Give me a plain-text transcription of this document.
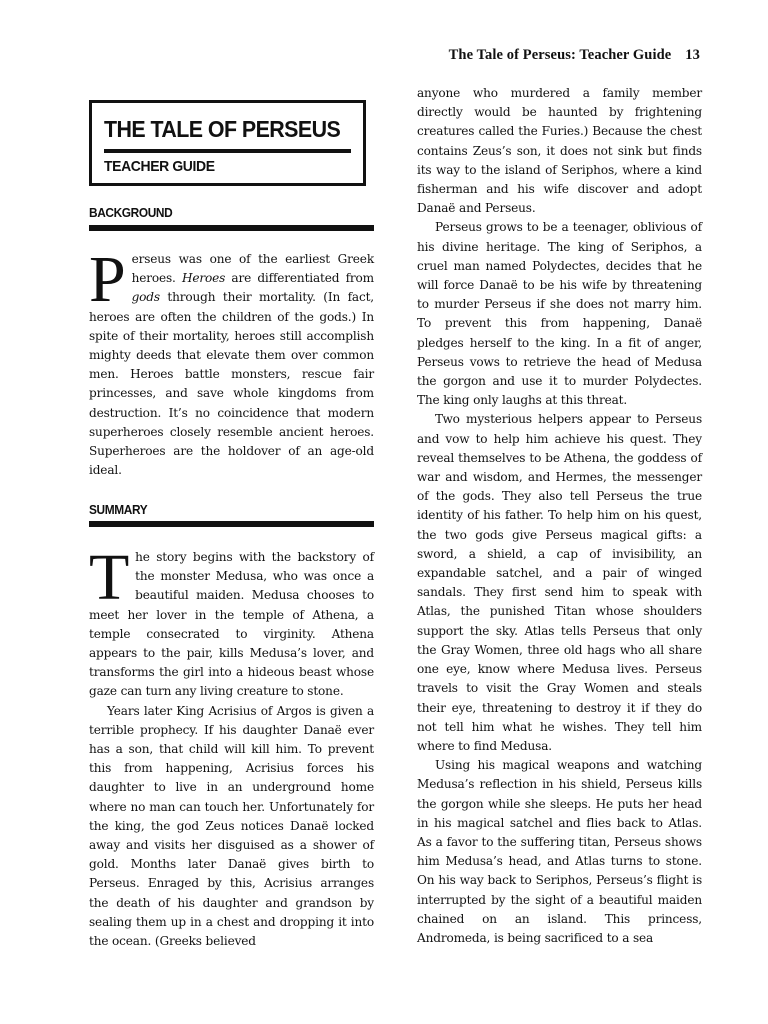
The Tale of Perseus: Teacher Guide 13
THE TALE OF PERSEUS
TEACHER GUIDE
BACKGROUND

Perseus was one of the earliest Greek heroes. Heroes are differentiated from gods through their mortality. (In fact, heroes are often the children of the gods.) In spite of their mortality, heroes still accomplish mighty deeds that elevate them over common men. Heroes battle monsters, rescue fair princesses, and save whole kingdoms from destruction. It’s no coincidence that modern superheroes closely resemble ancient heroes. Superheroes are the holdover of an age-old ideal.

SUMMARY

The story begins with the backstory of the monster Medusa, who was once a beautiful maiden. Medusa chooses to meet her lover in the temple of Athena, a temple consecrated to virginity. Athena appears to the pair, kills Medusa’s lover, and transforms the girl into a hideous beast whose gaze can turn any living creature to stone.

Years later King Acrisius of Argos is given a terrible prophecy. If his daughter Danaë ever has a son, that child will kill him. To prevent this from happening, Acrisius forces his daughter to live in an underground home where no man can touch her. Unfortunately for the king, the god Zeus notices Danaë locked away and visits her disguised as a shower of gold. Months later Danaë gives birth to Perseus. Enraged by this, Acrisius arranges the death of his daughter and grandson by sealing them up in a chest and dropping it into the ocean. (Greeks believed

anyone who murdered a family member directly would be haunted by frightening creatures called the Furies.) Because the chest contains Zeus’s son, it does not sink but finds its way to the island of Seriphos, where a kind fisherman and his wife discover and adopt Danaë and Perseus.

Perseus grows to be a teenager, oblivious of his divine heritage. The king of Seriphos, a cruel man named Polydectes, decides that he will force Danaë to be his wife by threatening to murder Perseus if she does not marry him. To prevent this from happening, Danaë pledges herself to the king. In a fit of anger, Perseus vows to retrieve the head of Medusa the gorgon and use it to murder Polydectes. The king only laughs at this threat.

Two mysterious helpers appear to Perseus and vow to help him achieve his quest. They reveal themselves to be Athena, the goddess of war and wisdom, and Hermes, the messenger of the gods. They also tell Perseus the true identity of his father. To help him on his quest, the two gods give Perseus magical gifts: a sword, a shield, a cap of invisibility, an expandable satchel, and a pair of winged sandals. They first send him to speak with Atlas, the punished Titan whose shoulders support the sky. Atlas tells Perseus that only the Gray Women, three old hags who all share one eye, know where Medusa lives. Perseus travels to visit the Gray Women and steals their eye, threatening to destroy it if they do not tell him what he wishes. They tell him where to find Medusa.

Using his magical weapons and watching Medusa’s reflection in his shield, Perseus kills the gorgon while she sleeps. He puts her head in his magical satchel and flies back to Atlas. As a favor to the suffering titan, Perseus shows him Medusa’s head, and Atlas turns to stone. On his way back to Seriphos, Perseus’s flight is interrupted by the sight of a beautiful maiden chained on an island. This princess, Andromeda, is being sacrificed to a sea
